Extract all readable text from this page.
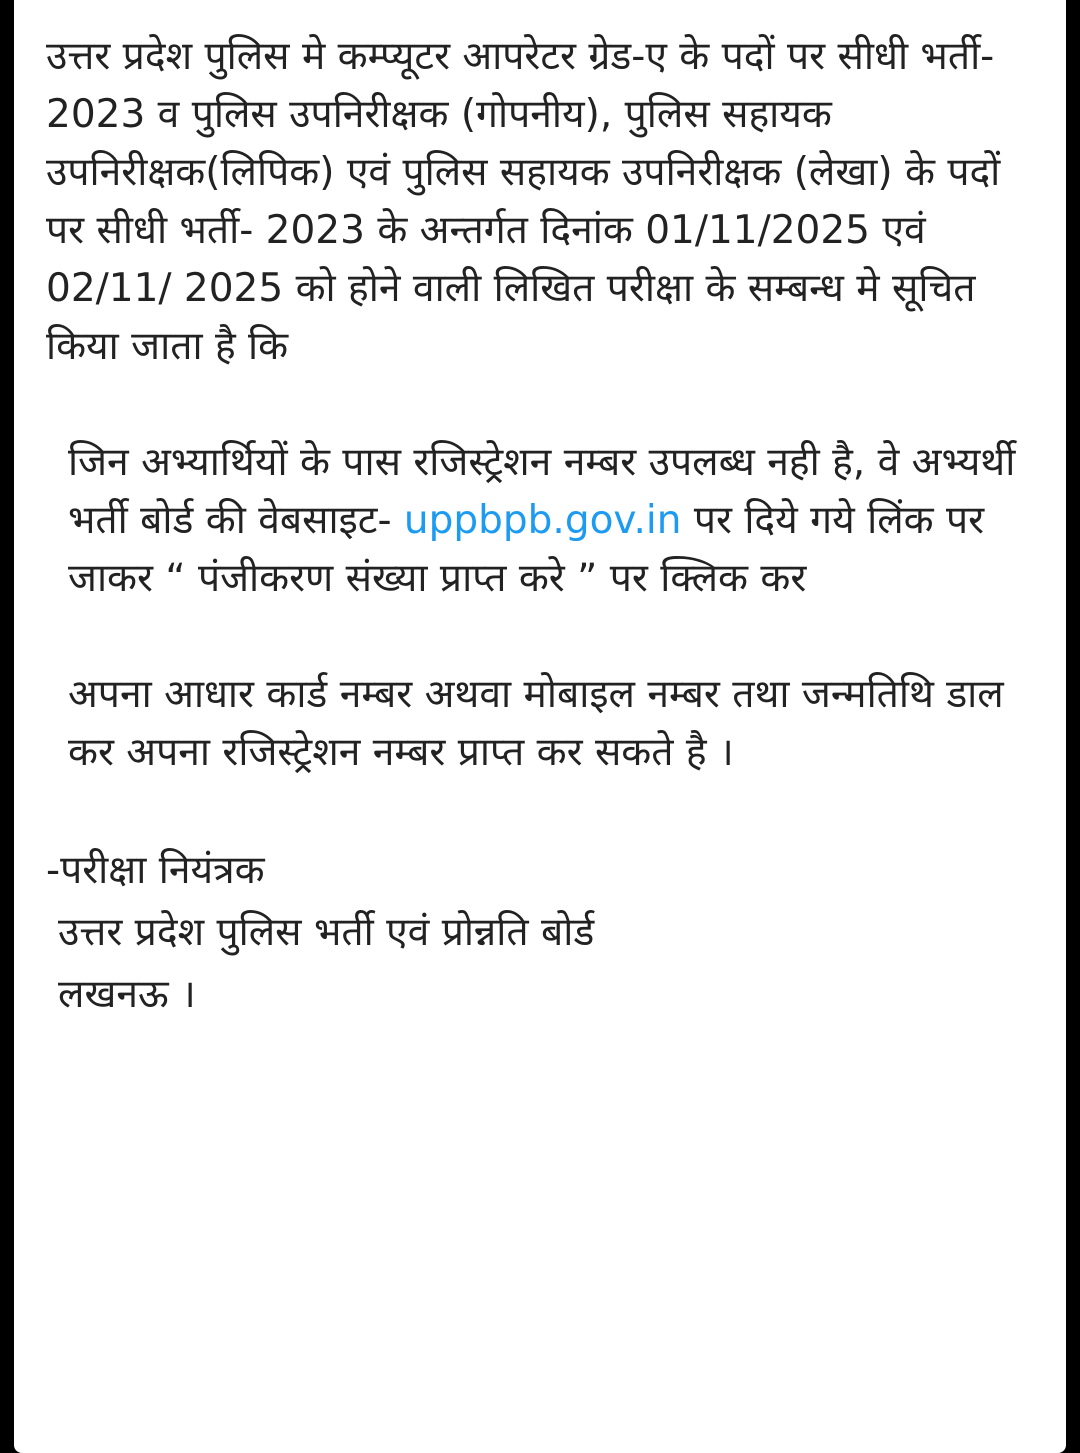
उत्तर प्रदेश पुलिस मे कम्प्यूटर आपरेटर ग्रेड-ए के पदों पर सीधी भर्ती- 2023 व पुलिस उपनिरीक्षक (गोपनीय), पुलिस सहायक उपनिरीक्षक(लिपिक) एवं पुलिस सहायक उपनिरीक्षक (लेखा) के पदों पर सीधी भर्ती- 2023 के अन्तर्गत दिनांक 01/11/2025 एवं 02/11/ 2025 को होने वाली लिखित परीक्षा के सम्बन्ध मे सूचित किया जाता है कि

जिन अभ्यार्थियों के पास रजिस्ट्रेशन नम्बर उपलब्ध नही है, वे अभ्यर्थी भर्ती बोर्ड की वेबसाइट- uppbpb.gov.in पर दिये गये लिंक पर जाकर “ पंजीकरण संख्या प्राप्त करे ” पर क्लिक कर

अपना आधार कार्ड नम्बर अथवा मोबाइल नम्बर तथा जन्मतिथि डाल कर अपना रजिस्ट्रेशन नम्बर प्राप्त कर सकते है ।

-परीक्षा नियंत्रक
उत्तर प्रदेश पुलिस भर्ती एवं प्रोन्नति बोर्ड
लखनऊ ।
